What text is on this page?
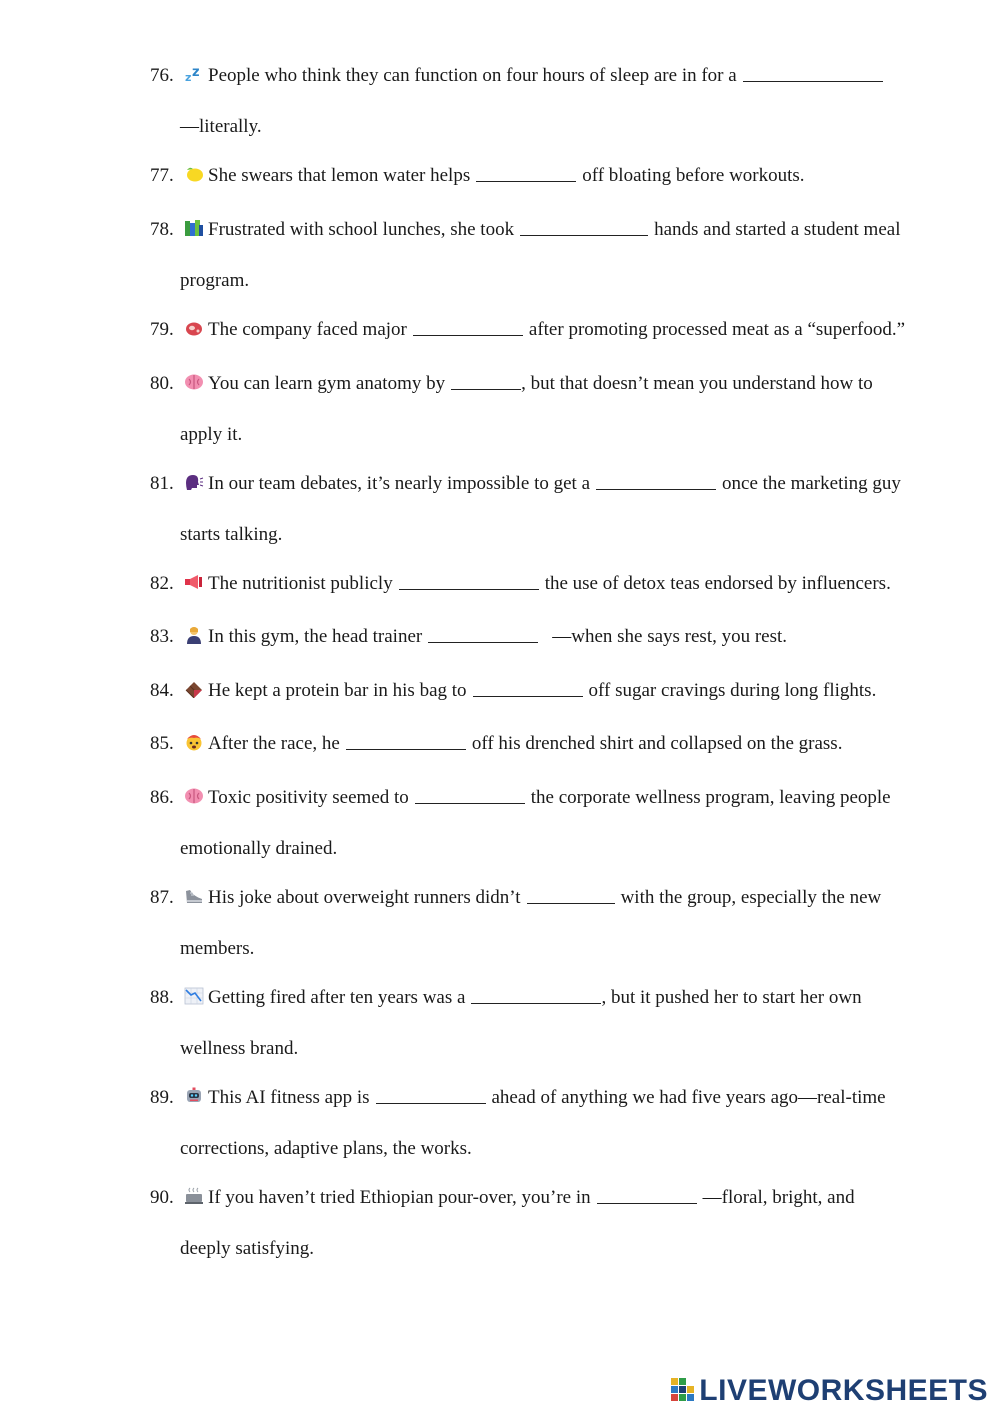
76. z z People who think they can function on four hours of sleep are in for a
—literally.
77. She swears that lemon water helps	off bloating before workouts.
78. Frustrated with school lunches, she took	hands and started a student meal
program.
79. The company faced major	after promoting processed meat as a “superfood.”
80. You can learn gym anatomy by	, but that doesn’t mean you understand how to
apply it.
81. In our team debates, it’s nearly impossible to get a	once the marketing guy
starts talking.
82. The nutritionist publicly	the use of detox teas endorsed by influencers.
83. In this gym, the head trainer	—when she says rest, you rest.
84. He kept a protein bar in his bag to	off sugar cravings during long flights.
85. After the race, he	off his drenched shirt and collapsed on the grass.
86. Toxic positivity seemed to	the corporate wellness program, leaving people
emotionally drained.
87. His joke about overweight runners didn’t	with the group, especially the new
members.
88. Getting fired after ten years was a	, but it pushed her to start her own
wellness brand.
89. This AI fitness app is	ahead of anything we had five years ago—real-time
corrections, adaptive plans, the works.
90. If you haven’t tried Ethiopian pour-over, you’re in	—floral, bright, and
deeply satisfying.
LIVEWORKSHEETS
